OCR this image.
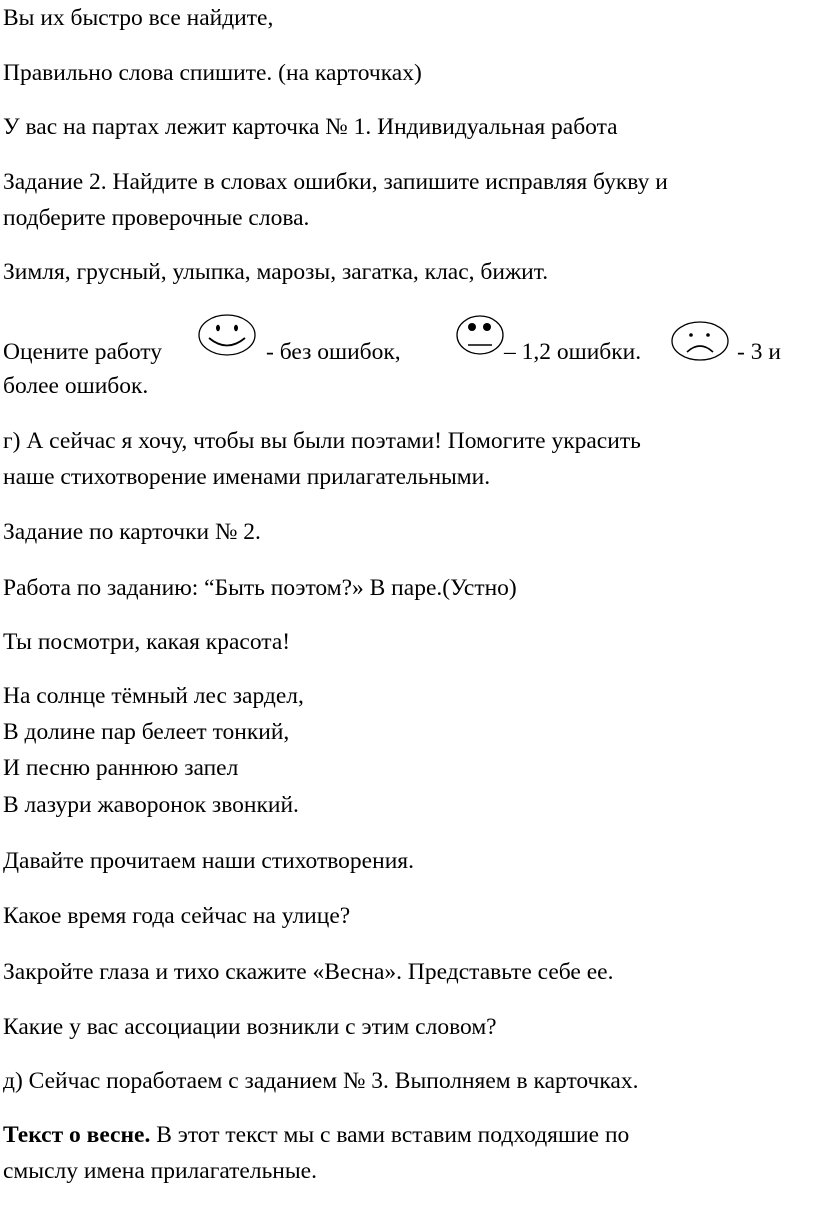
Вы их быстро все найдите,
Правильно слова спишите. (на карточках)
У вас на партах лежит карточка № 1. Индивидуальная работа
Задание 2. Найдите в словах ошибки, запишите исправляя букву и
подберите проверочные слова.
Зимля, грусный, улыпка, марозы, загатка, клас, бижит.
Оцените работу	- без ошибок,	– 1,2 ошибки.	- 3 и
более ошибок.
г) А сейчас я хочу, чтобы вы были поэтами! Помогите украсить
наше стихотворение именами прилагательными.
Задание по карточки № 2.
Работа по заданию: “Быть поэтом?» В паре.(Устно)
Ты посмотри, какая красота!
На солнце тёмный лес зардел,
В долине пар белеет тонкий,
И песню раннюю запел
В лазури жаворонок звонкий.
Давайте прочитаем наши стихотворения.
Какое время года сейчас на улице?
Закройте глаза и тихо скажите «Весна». Представьте себе ее.
Какие у вас ассоциации возникли с этим словом?
д) Сейчас поработаем с заданием № 3. Выполняем в карточках.
Текст о весне. В этот текст мы с вами вставим подходяшие по
смыслу имена прилагательные.
